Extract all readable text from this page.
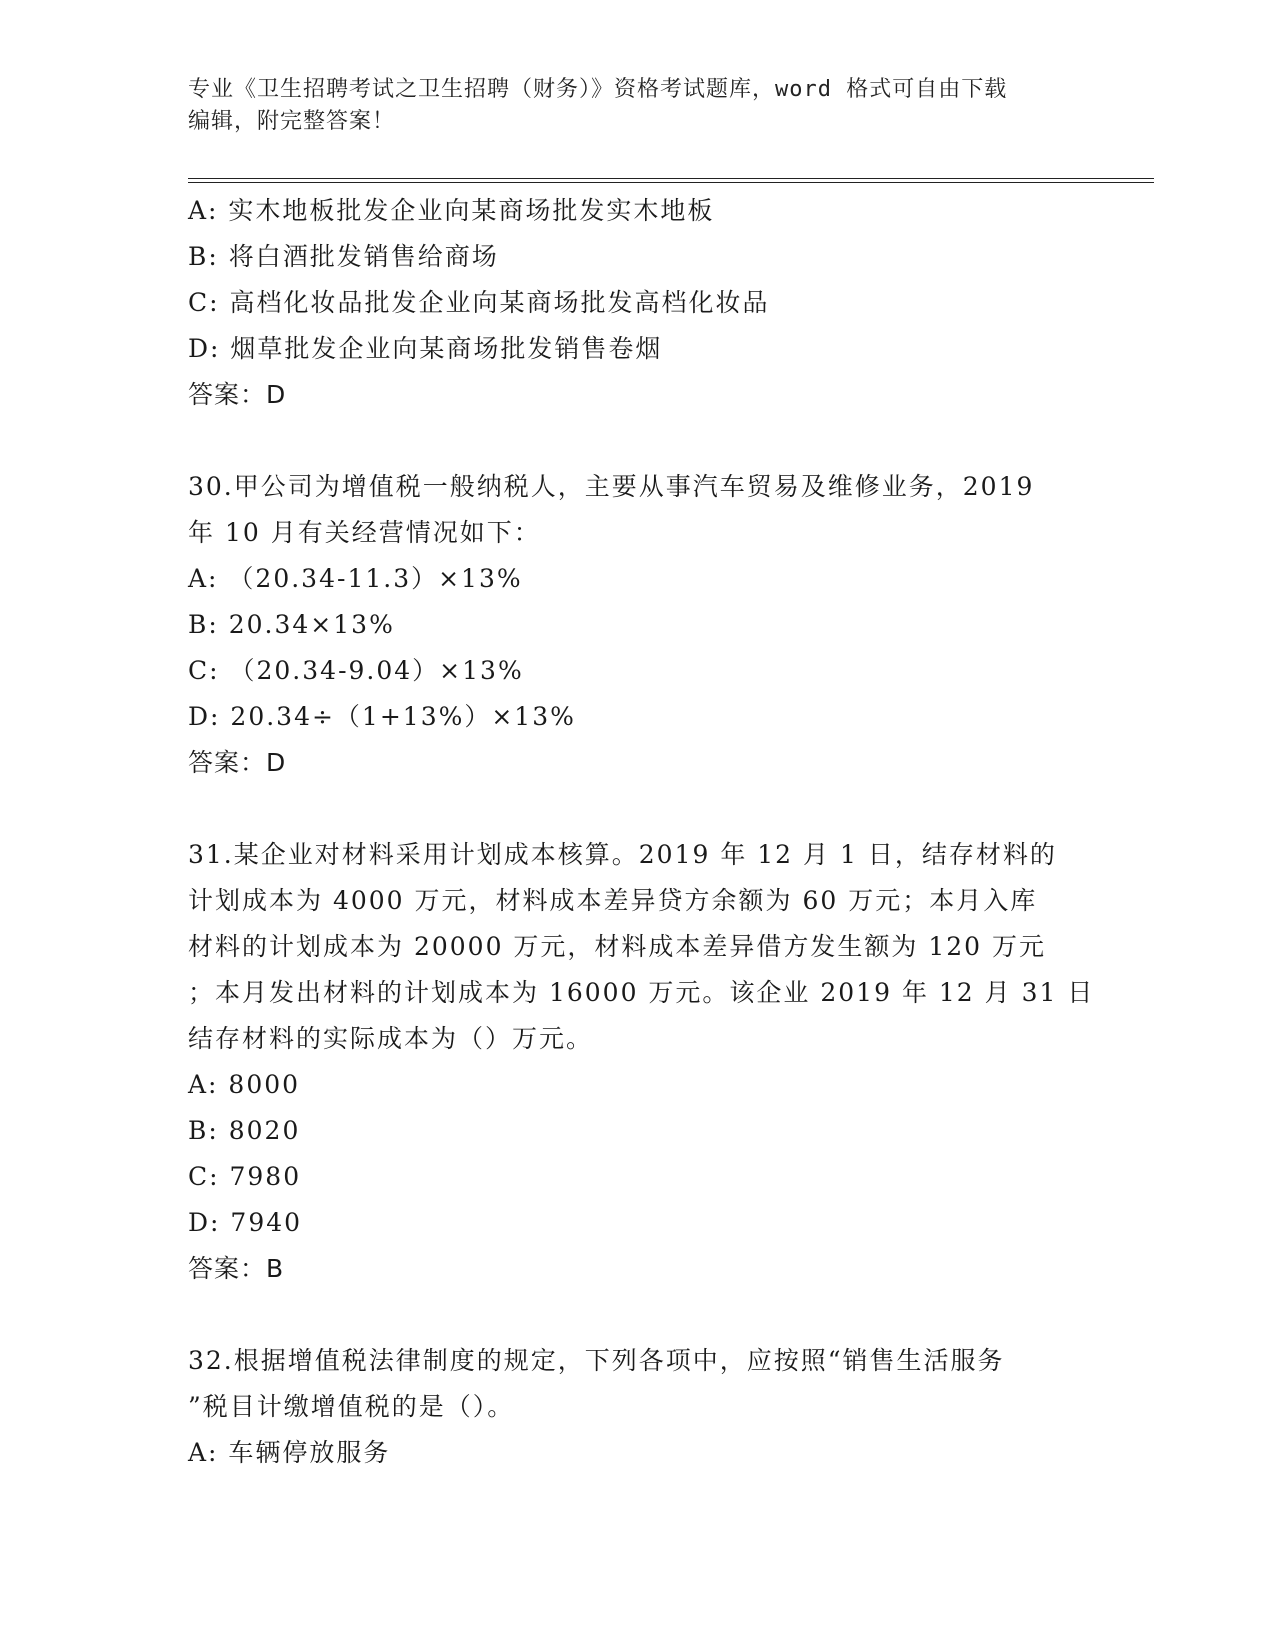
专业《卫生招聘考试之卫生招聘（财务）》资格考试题库，word 格式可自由下载
编辑，附完整答案！
A: 实木地板批发企业向某商场批发实木地板
B: 将白酒批发销售给商场
C: 高档化妆品批发企业向某商场批发高档化妆品
D: 烟草批发企业向某商场批发销售卷烟
答案：D
30.甲公司为增值税一般纳税人，主要从事汽车贸易及维修业务，2019
年 10 月有关经营情况如下：
A: （20.34-11.3）×13%
B: 20.34×13%
C: （20.34-9.04）×13%
D: 20.34÷（1+13%）×13%
答案：D
31.某企业对材料采用计划成本核算。2019 年 12 月 1 日，结存材料的
计划成本为 4000 万元，材料成本差异贷方余额为 60 万元；本月入库
材料的计划成本为 20000 万元，材料成本差异借方发生额为 120 万元
；本月发出材料的计划成本为 16000 万元。该企业 2019 年 12 月 31 日
结存材料的实际成本为（）万元。
A: 8000
B: 8020
C: 7980
D: 7940
答案：B
32.根据增值税法律制度的规定，下列各项中，应按照“销售生活服务
”税目计缴增值税的是（）。
A: 车辆停放服务
